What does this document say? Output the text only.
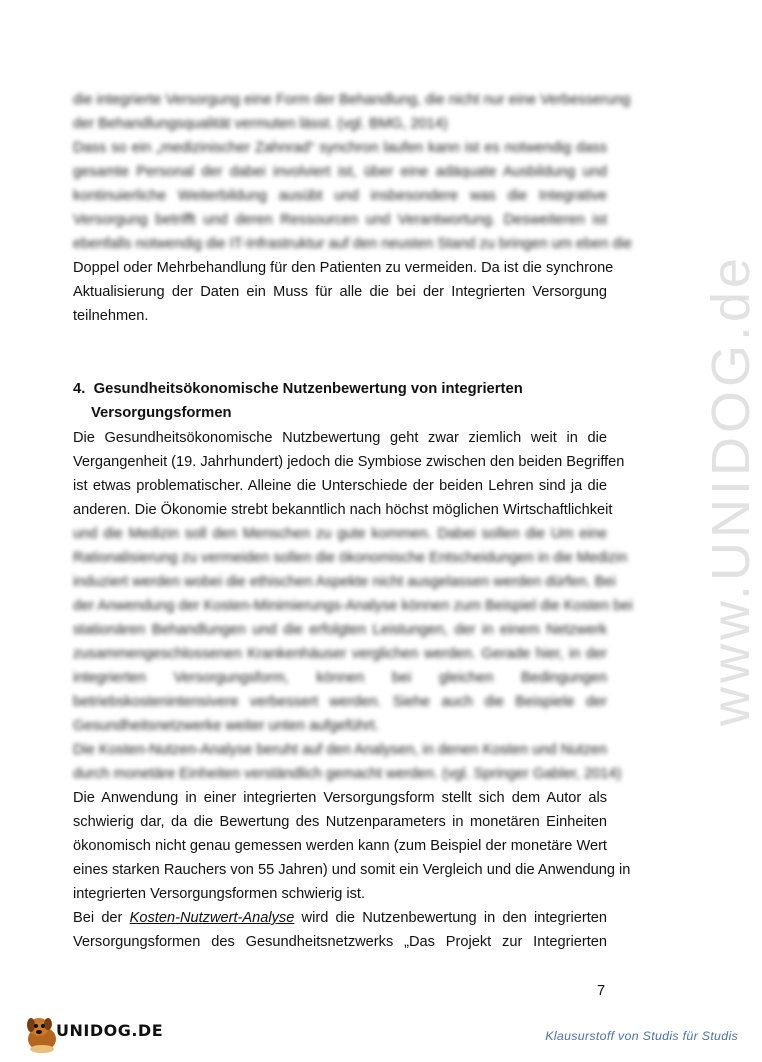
www.UNIDOG.de
die integrierte Versorgung eine Form der Behandlung, die nicht nur eine Verbesserung
der Behandlungsqualität vermuten lässt. (vgl. BMG, 2014)
Dass so ein „medizinischer Zahnrad“ synchron laufen kann ist es notwendig dass
gesamte Personal der dabei involviert ist, über eine adäquate Ausbildung und
kontinuierliche Weiterbildung ausübt und insbesondere was die Integrative
Versorgung betrifft und deren Ressourcen und Verantwortung. Desweiteren ist
ebenfalls notwendig die IT-Infrastruktur auf den neusten Stand zu bringen um eben die
Doppel oder Mehrbehandlung für den Patienten zu vermeiden. Da ist die synchrone
Aktualisierung der Daten ein Muss für alle die bei der Integrierten Versorgung
teilnehmen.
4. Gesundheitsökonomische Nutzenbewertung von integrierten
Versorgungsformen
Die Gesundheitsökonomische Nutzbewertung geht zwar ziemlich weit in die
Vergangenheit (19. Jahrhundert) jedoch die Symbiose zwischen den beiden Begriffen
ist etwas problematischer. Alleine die Unterschiede der beiden Lehren sind ja die
anderen. Die Ökonomie strebt bekanntlich nach höchst möglichen Wirtschaftlichkeit
und die Medizin soll den Menschen zu gute kommen. Dabei sollen die Um eine
Rationalisierung zu vermeiden sollen die ökonomische Entscheidungen in die Medizin
induziert werden wobei die ethischen Aspekte nicht ausgelassen werden dürfen. Bei
der Anwendung der Kosten-Minimierungs-Analyse können zum Beispiel die Kosten bei
stationären Behandlungen und die erfolgten Leistungen, der in einem Netzwerk
zusammengeschlossenen Krankenhäuser verglichen werden. Gerade hier, in der
integrierten Versorgungsform, können bei gleichen Bedingungen
betriebskostenintensivere verbessert werden. Siehe auch die Beispiele der
Gesundheitsnetzwerke weiter unten aufgeführt.
Die Kosten-Nutzen-Analyse beruht auf den Analysen, in denen Kosten und Nutzen
durch monetäre Einheiten verständlich gemacht werden. (vgl. Springer Gabler, 2014)
Die Anwendung in einer integrierten Versorgungsform stellt sich dem Autor als
schwierig dar, da die Bewertung des Nutzenparameters in monetären Einheiten
ökonomisch nicht genau gemessen werden kann (zum Beispiel der monetäre Wert
eines starken Rauchers von 55 Jahren) und somit ein Vergleich und die Anwendung in
integrierten Versorgungsformen schwierig ist.
Bei der Kosten-Nutzwert-Analyse wird die Nutzenbewertung in den integrierten
Versorgungsformen des Gesundheitsnetzwerks „Das Projekt zur Integrierten
7
UNIDOG.DE	Klausurstoff von Studis für Studis
